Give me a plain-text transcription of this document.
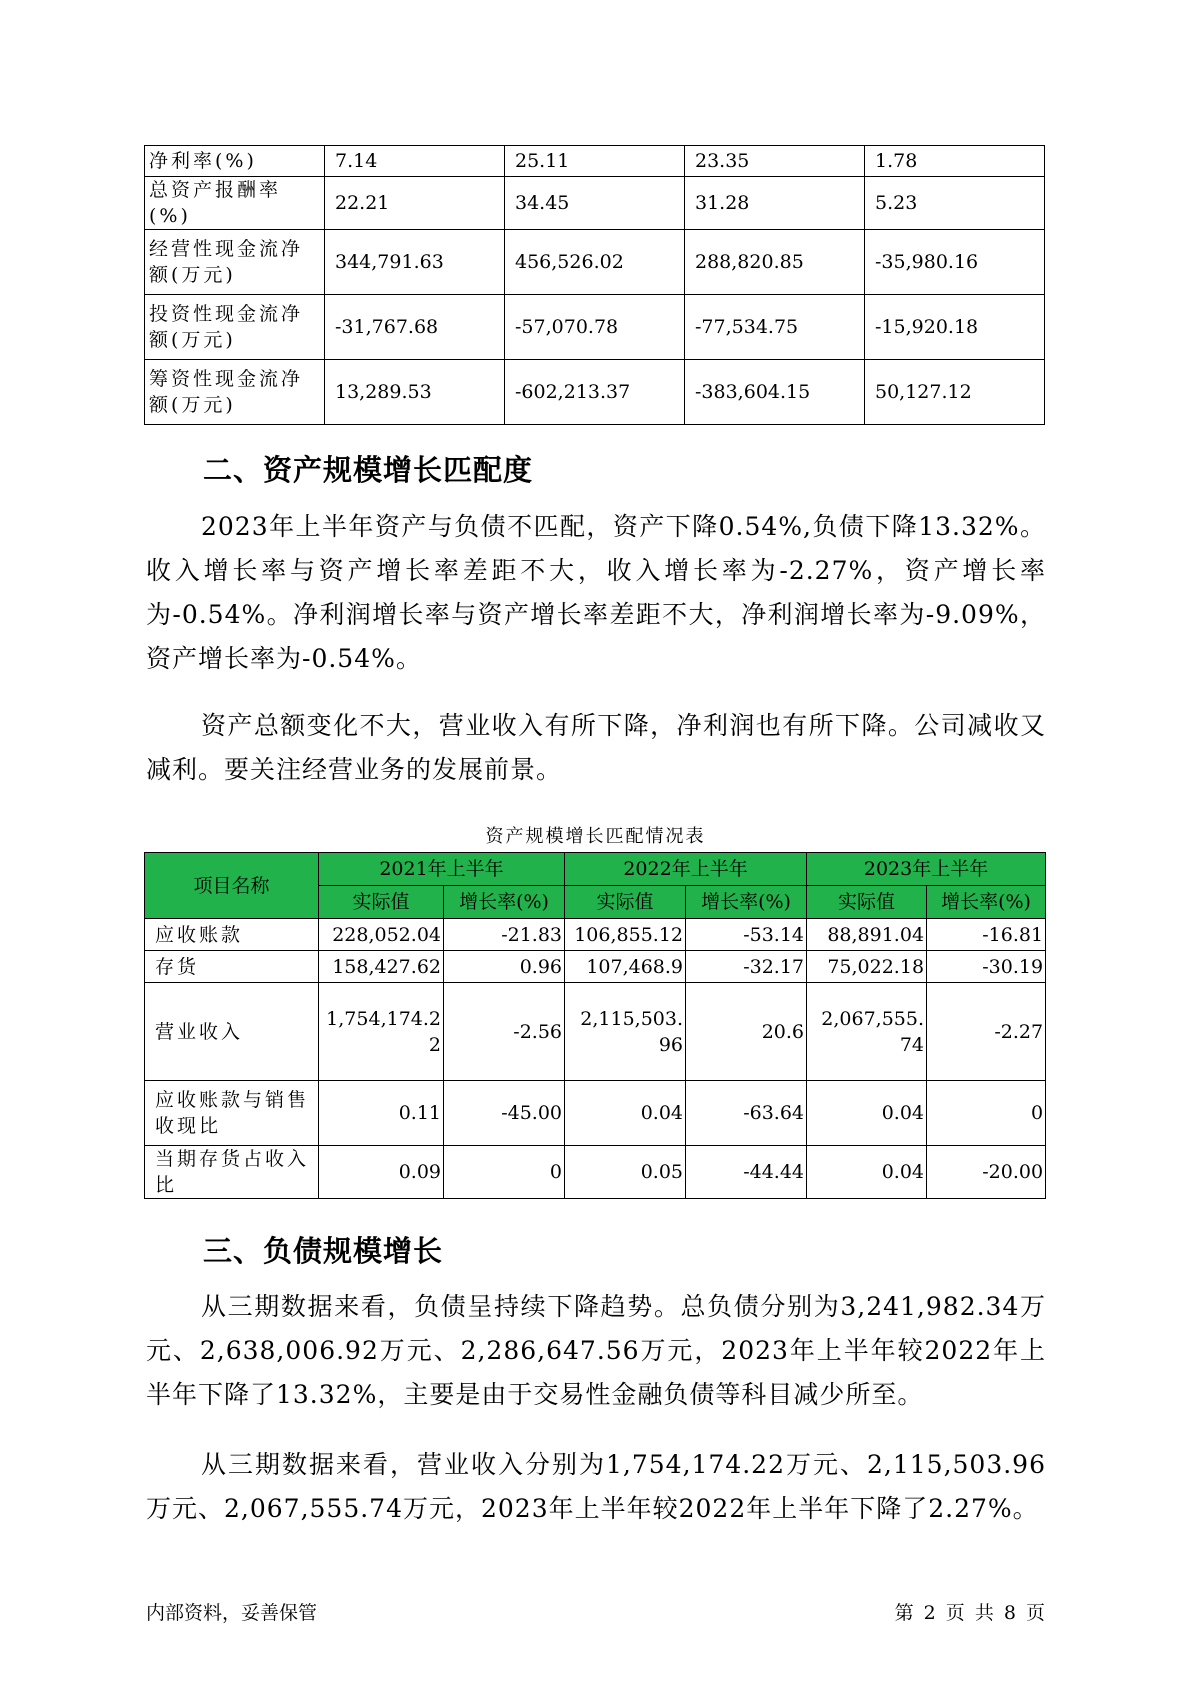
净利率(%)	7.14	25.11	23.35	1.78
总资产报酬率(%)	22.21	34.45	31.28	5.23
经营性现金流净额(万元)	344,791.63	456,526.02	288,820.85	-35,980.16
投资性现金流净额(万元)	-31,767.68	-57,070.78	-77,534.75	-15,920.18
筹资性现金流净额(万元)	13,289.53	-602,213.37	-383,604.15	50,127.12
二、资产规模增长匹配度

2023年上半年资产与负债不匹配，资产下降0.54%,负债下降13.32%。收入增长率与资产增长率差距不大，收入增长率为-2.27%，资产增长率为-0.54%。净利润增长率与资产增长率差距不大，净利润增长率为-9.09%，资产增长率为-0.54%。

资产总额变化不大，营业收入有所下降，净利润也有所下降。公司减收又减利。要关注经营业务的发展前景。

资产规模增长匹配情况表
项目名称	2021年上半年		2022年上半年		2023年上半年	
	实际值	增长率(%)	实际值	增长率(%)	实际值	增长率(%)
应收账款	228,052.04	-21.83	106,855.12	-53.14	88,891.04	-16.81
存货	158,427.62	0.96	107,468.9	-32.17	75,022.18	-30.19
营业收入	1,754,174.22	-2.56	2,115,503.96	20.6	2,067,555.74	-2.27
应收账款与销售收现比	0.11	-45.00	0.04	-63.64	0.04	0
当期存货占收入比	0.09	0	0.05	-44.44	0.04	-20.00
三、负债规模增长

从三期数据来看，负债呈持续下降趋势。总负债分别为3,241,982.34万元、2,638,006.92万元、2,286,647.56万元，2023年上半年较2022年上半年下降了13.32%，主要是由于交易性金融负债等科目减少所至。

从三期数据来看，营业收入分别为1,754,174.22万元、2,115,503.96万元、2,067,555.74万元，2023年上半年较2022年上半年下降了2.27%。

内部资料，妥善保管	第 2 页 共 8 页
